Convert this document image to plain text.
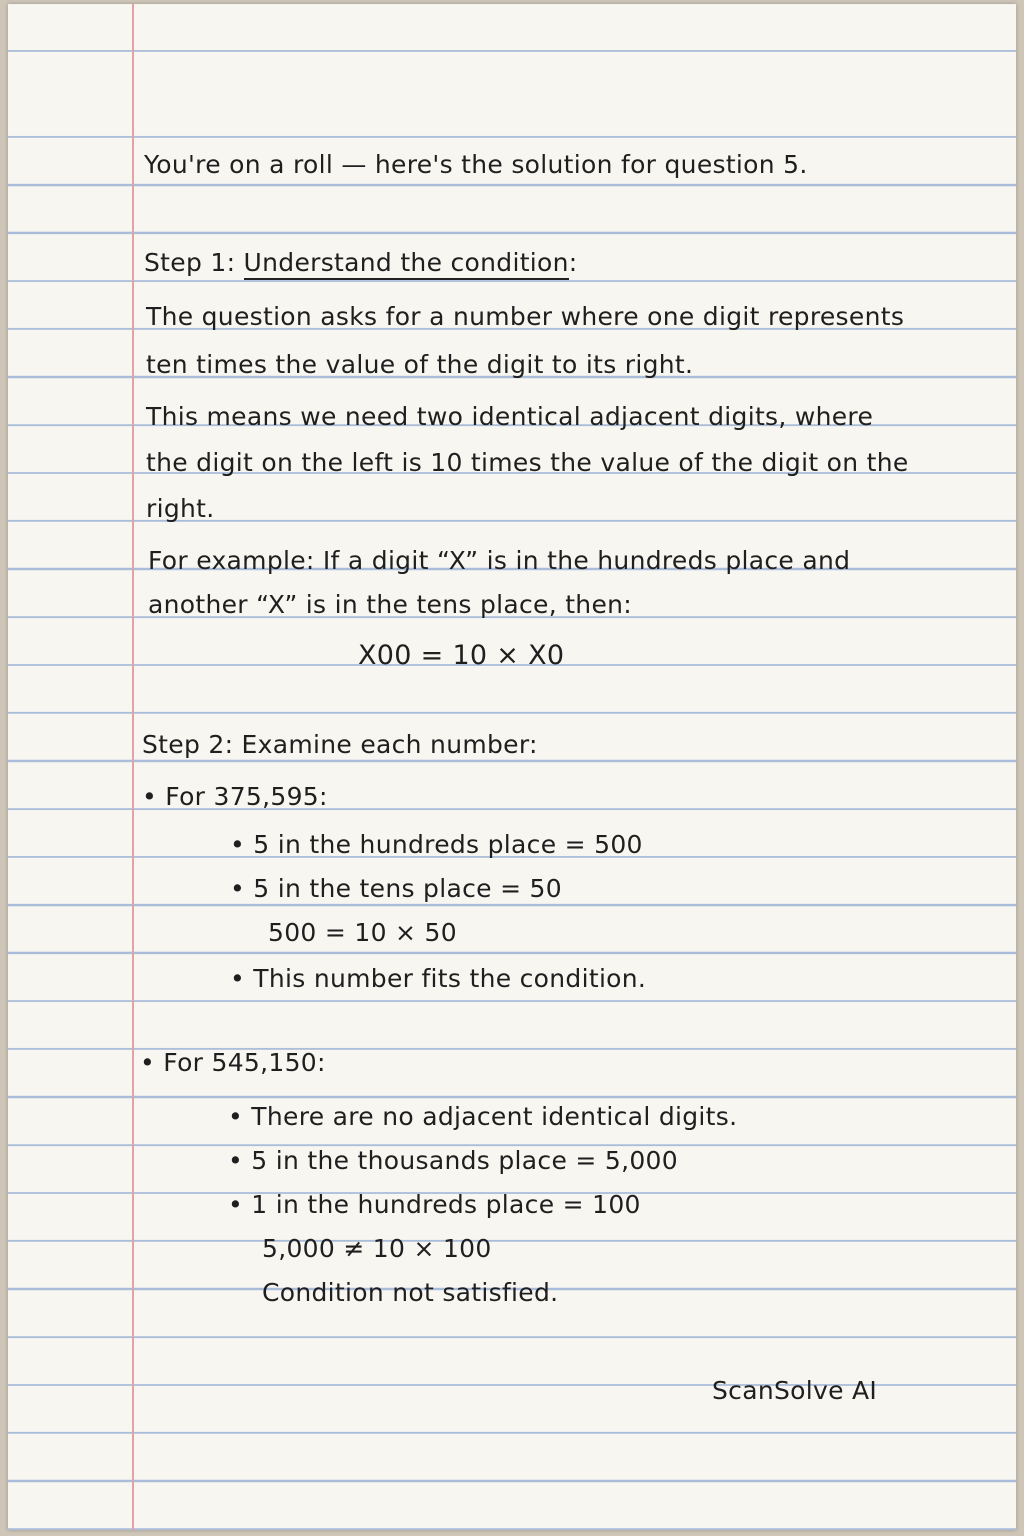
You're on a roll — here's the solution for question 5.
Step 1: Understand the condition:
The question asks for a number where one digit represents
ten times the value of the digit to its right.
This means we need two identical adjacent digits, where
the digit on the left is 10 times the value of the digit on the
right.
For example: If a digit “X” is in the hundreds place and
another “X” is in the tens place, then:
X00 = 10 × X0
Step 2: Examine each number:
• For 375,595:
• 5 in the hundreds place = 500
• 5 in the tens place = 50
500 = 10 × 50
• This number fits the condition.
• For 545,150:
• There are no adjacent identical digits.
• 5 in the thousands place = 5,000
• 1 in the hundreds place = 100
5,000 ≠ 10 × 100
Condition not satisfied.
ScanSolve AI
